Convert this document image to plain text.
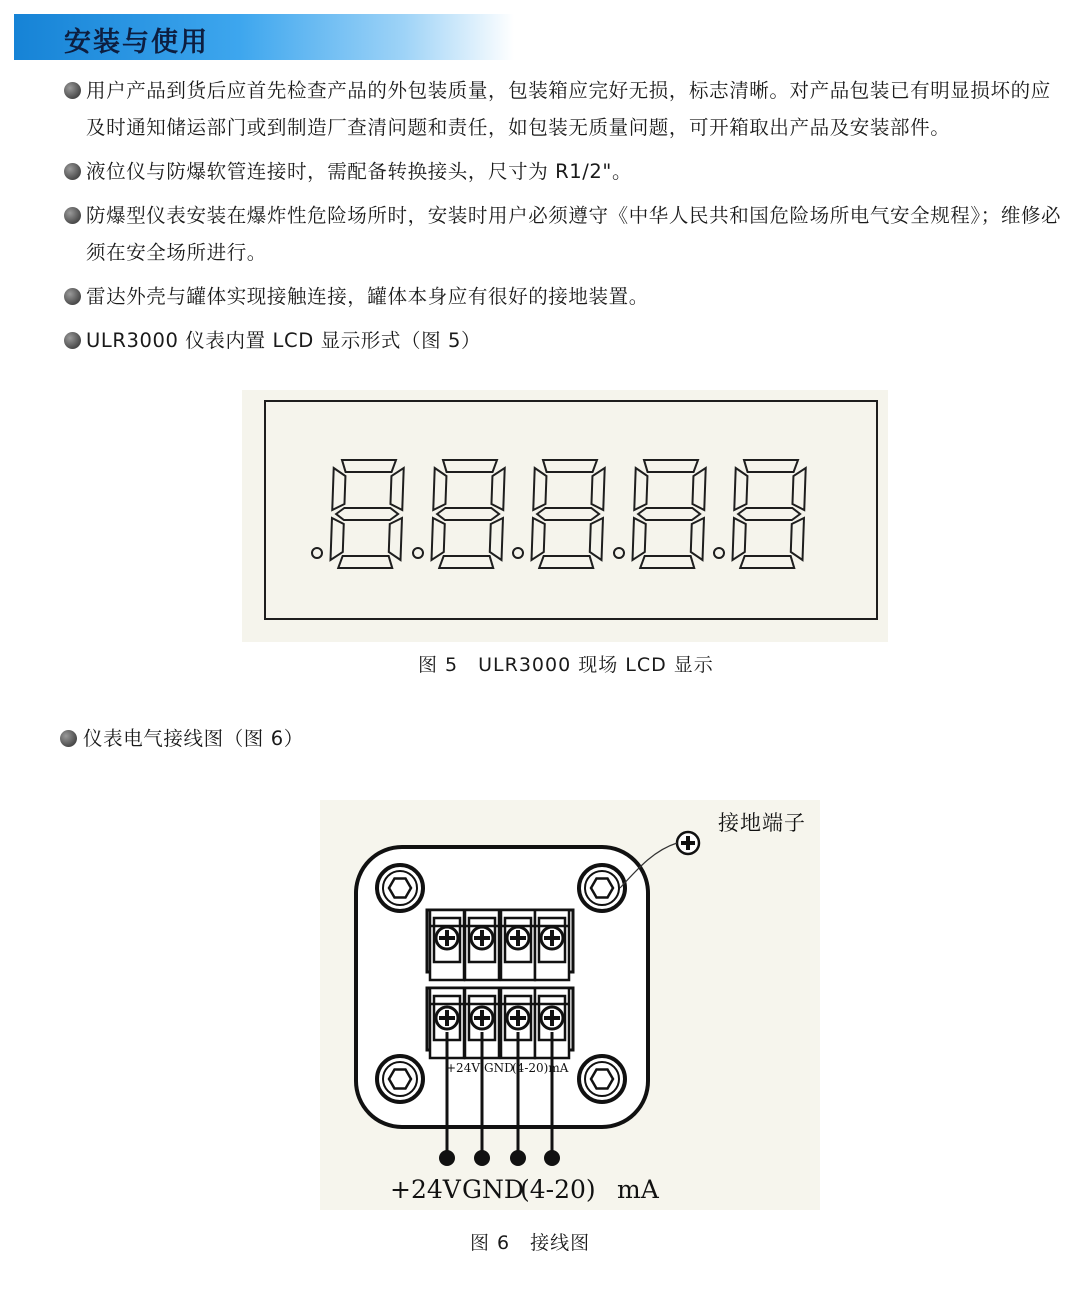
安装与使用
用户产品到货后应首先检查产品的外包装质量，包装箱应完好无损，标志清晰。对产品包装已有明显损坏的应及时通知储运部门或到制造厂查清问题和责任，如包装无质量问题，可开箱取出产品及安装部件。
液位仪与防爆软管连接时，需配备转换接头，尺寸为 R1/2"。
防爆型仪表安装在爆炸性危险场所时，安装时用户必须遵守《中华人民共和国危险场所电气安全规程》；维修必须在安全场所进行。
雷达外壳与罐体实现接触连接，罐体本身应有很好的接地装置。
ULR3000 仪表内置 LCD 显示形式（图 5）
图 5　ULR3000 现场 LCD 显示
仪表电气接线图（图 6）
+24V GND
(4-20)mA
+24V GND
(4-20) mA
接地端子
图 6　接线图
